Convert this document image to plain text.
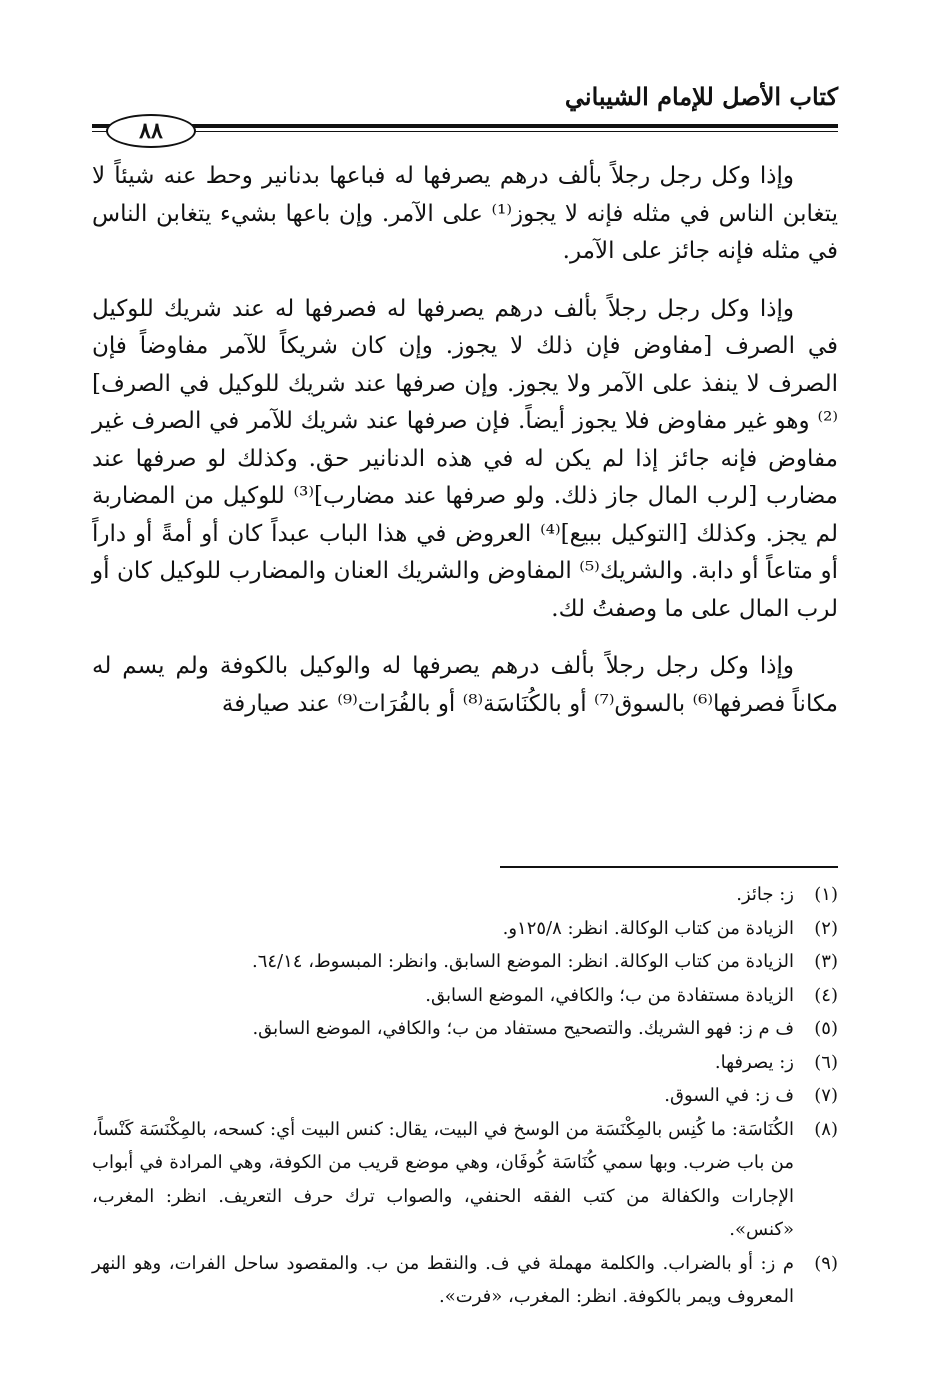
كتاب الأصل للإمام الشيباني
٨٨

وإذا وكل رجل رجلاً بألف درهم يصرفها له فباعها بدنانير وحط عنه شيئاً لا يتغابن الناس في مثله فإنه لا يجوز⁽¹⁾ على الآمر. وإن باعها بشيء يتغابن الناس في مثله فإنه جائز على الآمر.

وإذا وكل رجل رجلاً بألف درهم يصرفها له فصرفها له عند شريك للوكيل في الصرف [مفاوض فإن ذلك لا يجوز. وإن كان شريكاً للآمر مفاوضاً فإن الصرف لا ينفذ على الآمر ولا يجوز. وإن صرفها عند شريك للوكيل في الصرف]⁽²⁾ وهو غير مفاوض فلا يجوز أيضاً. فإن صرفها عند شريك للآمر في الصرف غير مفاوض فإنه جائز إذا لم يكن له في هذه الدنانير حق. وكذلك لو صرفها عند مضارب [لرب المال جاز ذلك. ولو صرفها عند مضارب]⁽³⁾ للوكيل من المضاربة لم يجز. وكذلك [التوكيل ببيع]⁽⁴⁾ العروض في هذا الباب عبداً كان أو أمةً أو داراً أو متاعاً أو دابة. والشريك⁽⁵⁾ المفاوض والشريك العنان والمضارب للوكيل كان أو لرب المال على ما وصفتُ لك.

وإذا وكل رجل رجلاً بألف درهم يصرفها له والوكيل بالكوفة ولم يسم له مكاناً فصرفها⁽⁶⁾ بالسوق⁽⁷⁾ أو بالكُنَاسَة⁽⁸⁾ أو بالفُرَات⁽⁹⁾ عند صيارفة

(١)
ز: جائز.
(٢)
الزيادة من كتاب الوكالة. انظر: ١٢٥/٨و.
(٣)
الزيادة من كتاب الوكالة. انظر: الموضع السابق. وانظر: المبسوط، ٦٤/١٤.
(٤)
الزيادة مستفادة من ب؛ والكافي، الموضع السابق.
(٥)
ف م ز: فهو الشريك. والتصحيح مستفاد من ب؛ والكافي، الموضع السابق.
(٦)
ز: يصرفها.
(٧)
ف ز: في السوق.
(٨)
الكُنَاسَة: ما كُنِس بالمِكْنَسَة من الوسخ في البيت، يقال: كنس البيت أي: كسحه، بالمِكْنَسَة كَنْساً، من باب ضرب. وبها سمي كُنَاسَة كُوفَان، وهي موضع قريب من الكوفة، وهي المرادة في أبواب الإجارات والكفالة من كتب الفقه الحنفي، والصواب ترك حرف التعريف. انظر: المغرب، «كنس».
(٩)
م ز: أو بالضراب. والكلمة مهملة في ف. والنقط من ب. والمقصود ساحل الفرات، وهو النهر المعروف ويمر بالكوفة. انظر: المغرب، «فرت».
